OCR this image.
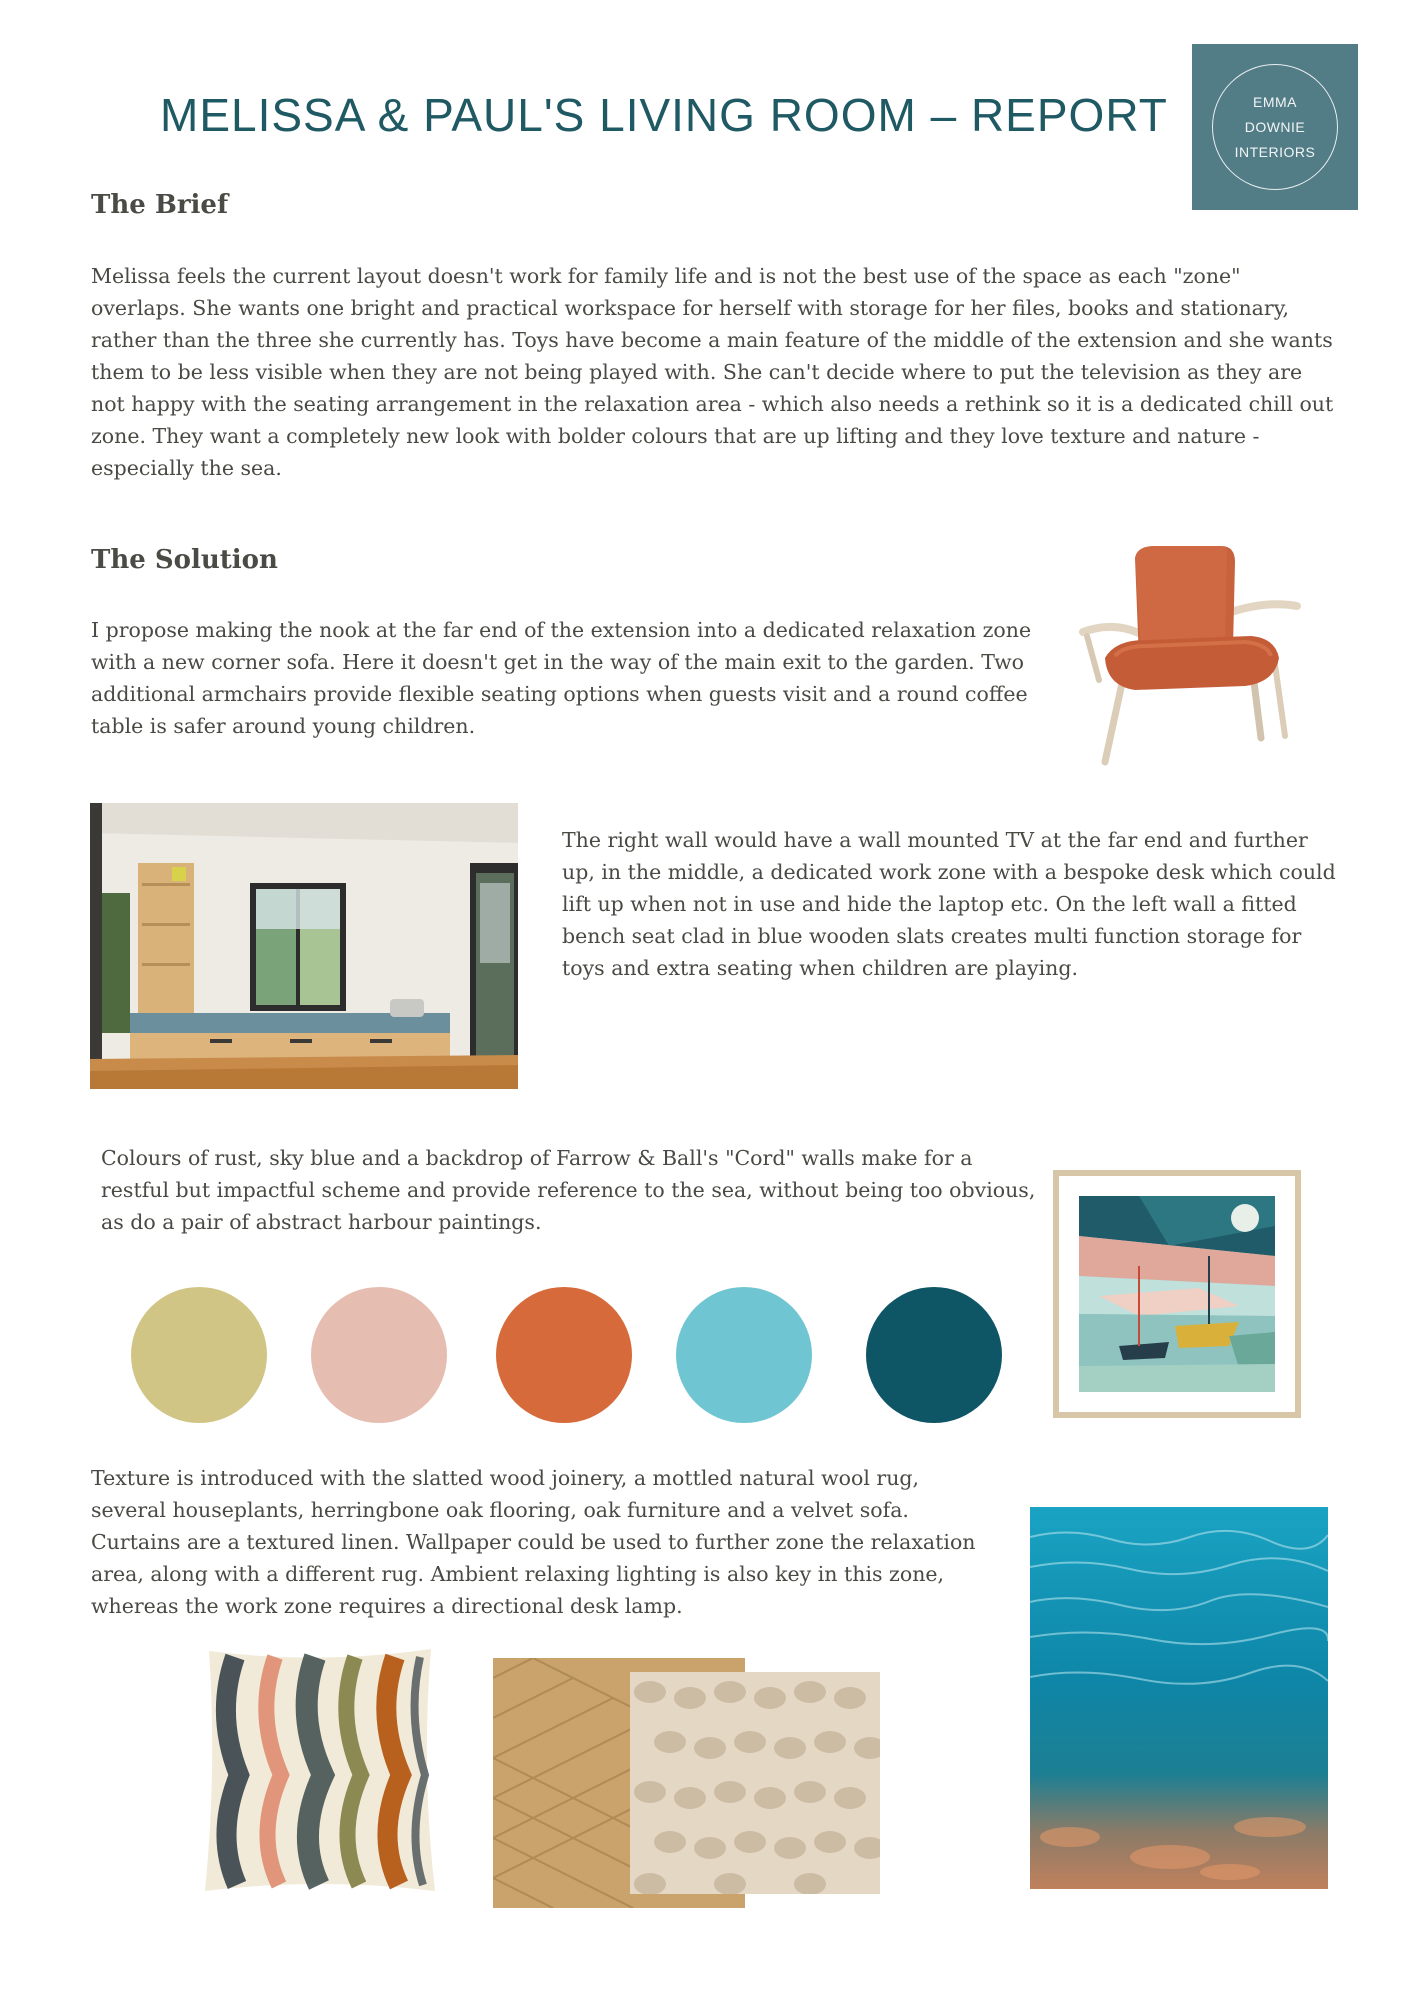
MELISSA & PAUL'S LIVING ROOM – REPORT	EMMA
DOWNIE
INTERIORS
The Brief

Melissa feels the current layout doesn't work for family life and is not the best use of the space as each "zone" overlaps. She wants one bright and practical workspace for herself with storage for her files, books and stationary, rather than the three she currently has. Toys have become a main feature of the middle of the extension and she wants them to be less visible when they are not being played with. She can't decide where to put the television as they are not happy with the seating arrangement in the relaxation area - which also needs a rethink so it is a dedicated chill out zone. They want a completely new look with bolder colours that are up lifting and they love texture and nature - especially the sea.

The Solution

I propose making the nook at the far end of the extension into a dedicated relaxation zone with a new corner sofa. Here it doesn't get in the way of the main exit to the garden. Two additional armchairs provide flexible seating options when guests visit and a round coffee table is safer around young children.

The right wall would have a wall mounted TV at the far end and further up, in the middle, a dedicated work zone with a bespoke desk which could lift up when not in use and hide the laptop etc. On the left wall a fitted bench seat clad in blue wooden slats creates multi function storage for toys and extra seating when children are playing.

Colours of rust, sky blue and a backdrop of Farrow & Ball's "Cord" walls make for a restful but impactful scheme and provide reference to the sea, without being too obvious, as do a pair of abstract harbour paintings.

Texture is introduced with the slatted wood joinery, a mottled natural wool rug, several houseplants, herringbone oak flooring, oak furniture and a velvet sofa. Curtains are a textured linen. Wallpaper could be used to further zone the relaxation area, along with a different rug. Ambient relaxing lighting is also key in this zone, whereas the work zone requires a directional desk lamp.
